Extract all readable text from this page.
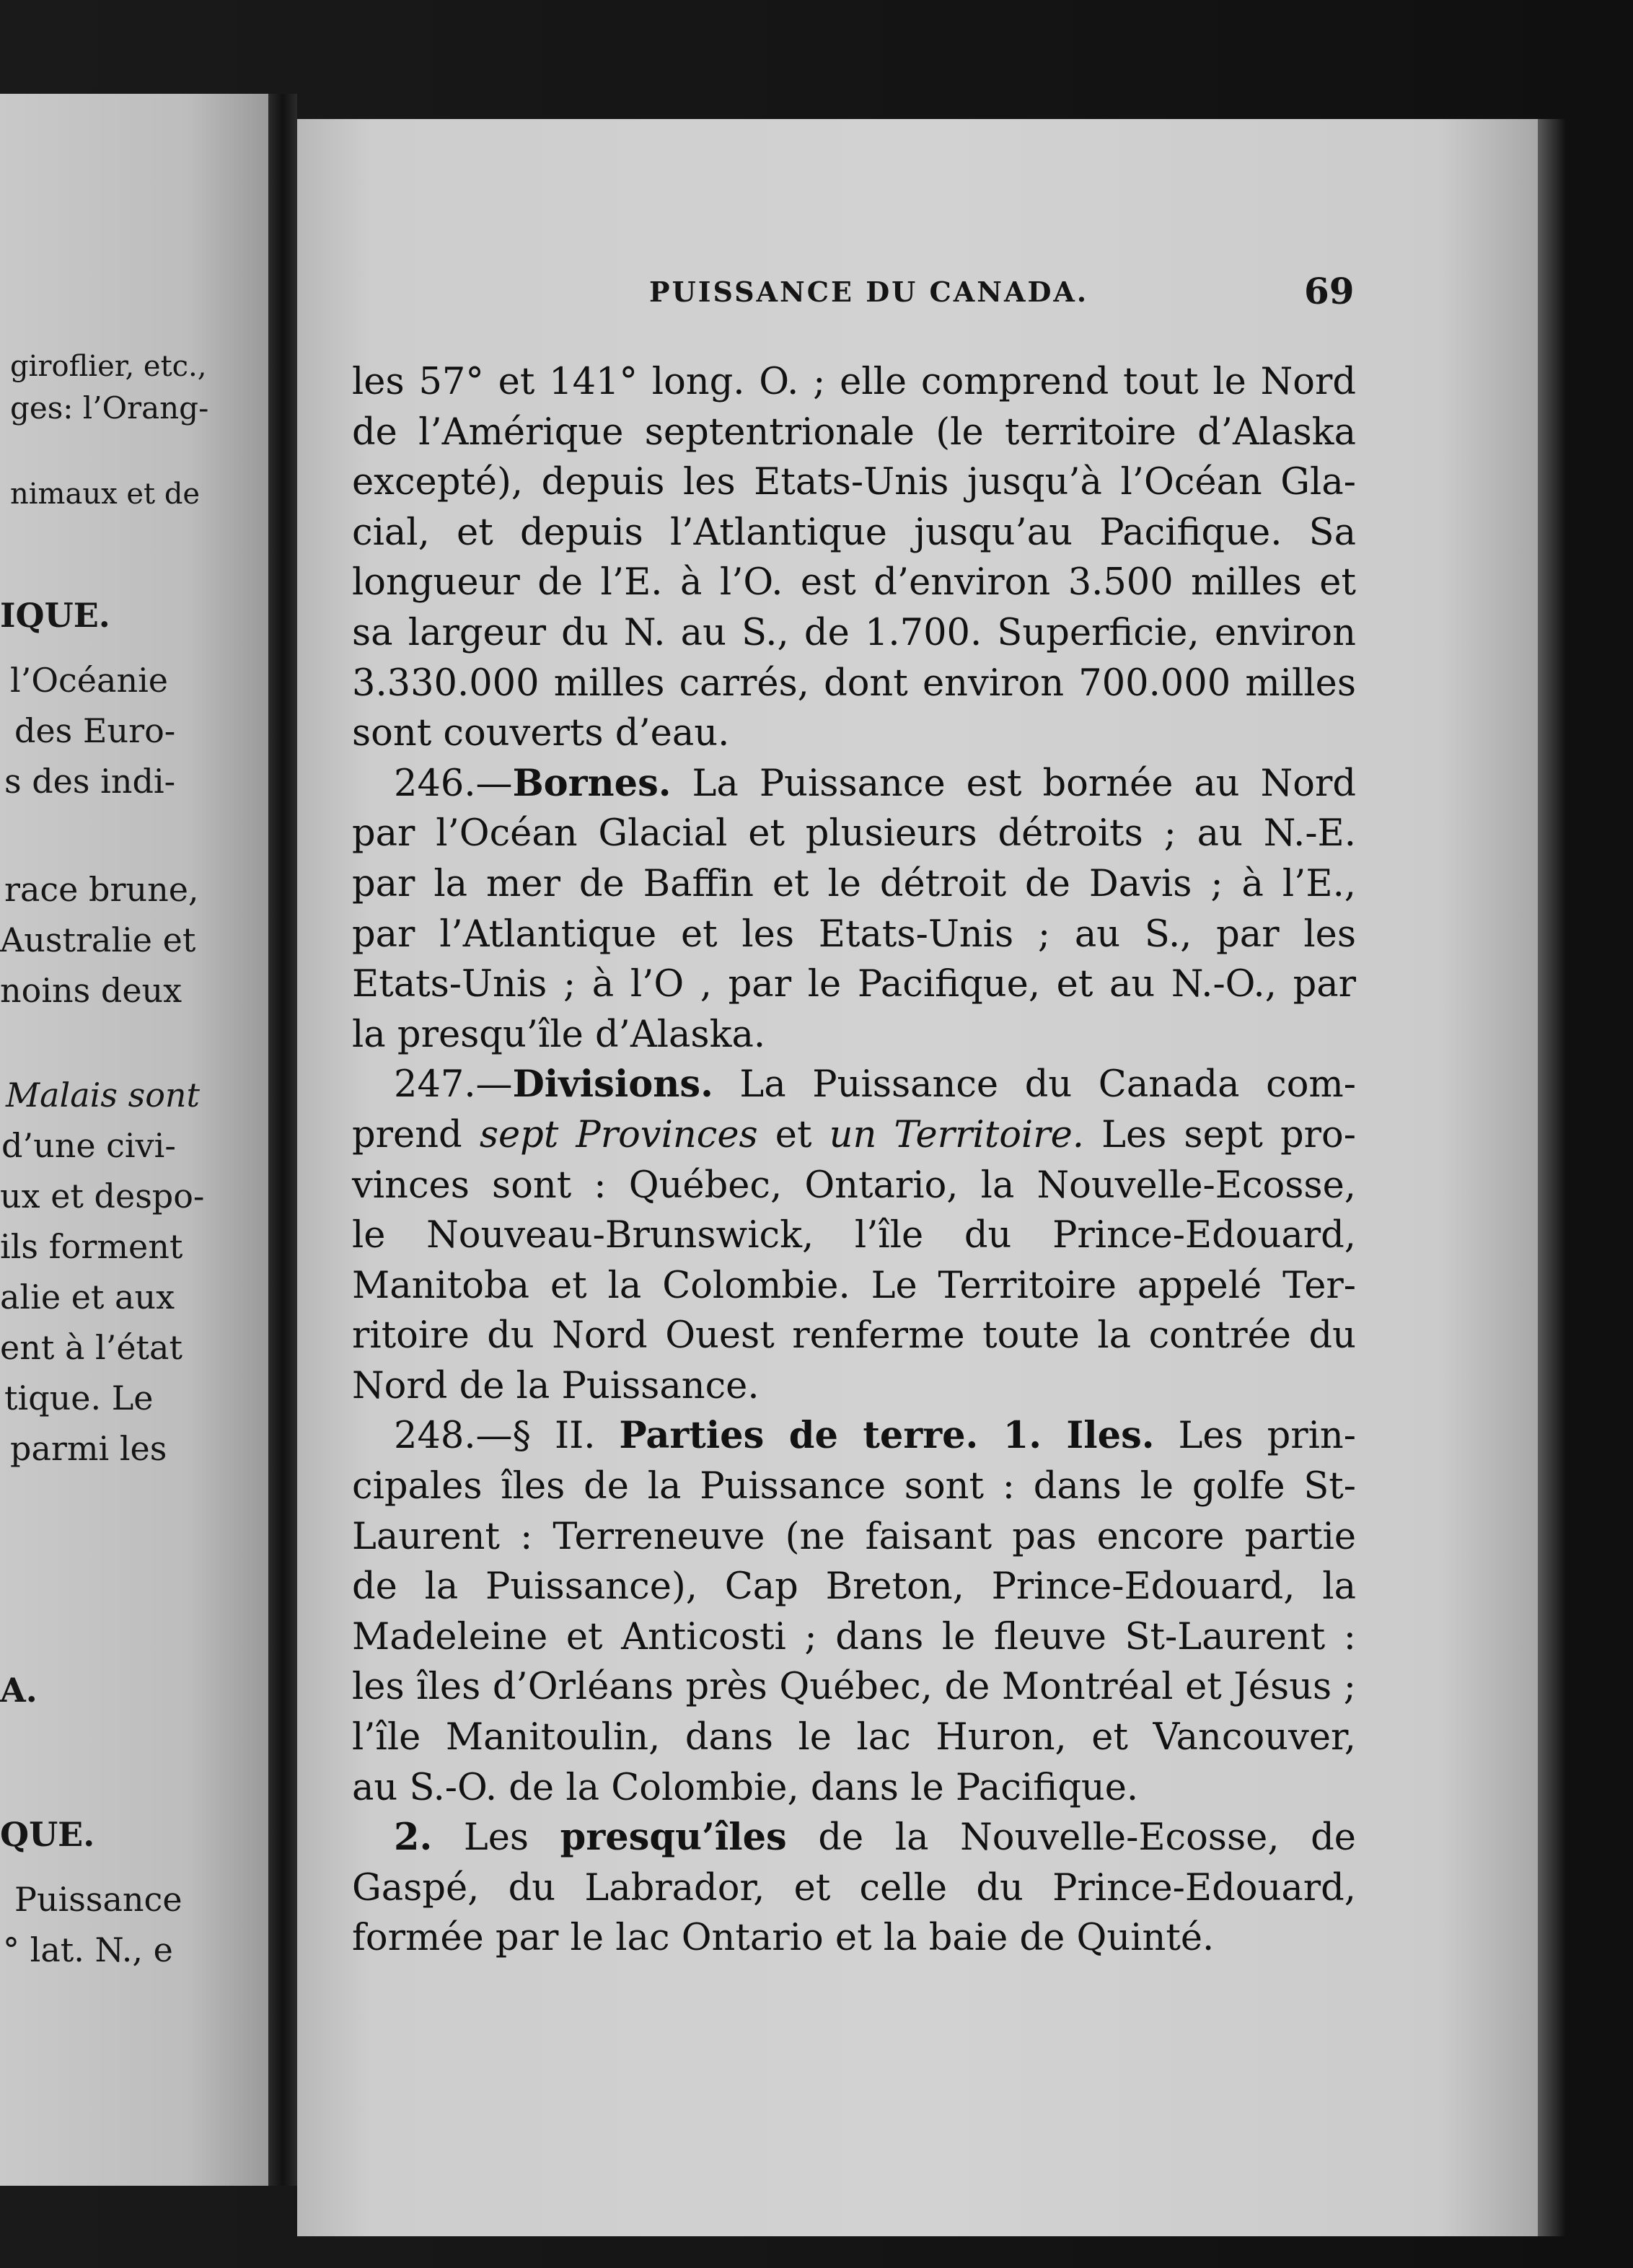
giroflier, etc.,
ges: l’Orang-
nimaux et de
IQUE.
l’Océanie
des Euro-
s des indi-
race brune,
Australie et
noins deux
Malais sont
d’une civi-
ux et despo-
ils forment
alie et aux
ent à l’état
tique. Le
parmi les
A.
QUE.
Puissance
° lat. N., e
PUISSANCE DU CANADA.	69
les 57° et 141° long. O. ; elle comprend tout le Nord
de l’Amérique septentrionale (le territoire d’Alaska
excepté), depuis les Etats-Unis jusqu’à l’Océan Gla-
cial, et depuis l’Atlantique jusqu’au Pacifique. Sa
longueur de l’E. à l’O. est d’environ 3.500 milles et
sa largeur du N. au S., de 1.700. Superficie, environ
3.330.000 milles carrés, dont environ 700.000 milles
sont couverts d’eau.
246.—Bornes. La Puissance est bornée au Nord
par l’Océan Glacial et plusieurs détroits ; au N.-E.
par la mer de Baffin et le détroit de Davis ; à l’E.,
par l’Atlantique et les Etats-Unis ; au S., par les
Etats-Unis ; à l’O , par le Pacifique, et au N.-O., par
la presqu’île d’Alaska.
247.—Divisions. La Puissance du Canada com-
prend sept Provinces et un Territoire. Les sept pro-
vinces sont : Québec, Ontario, la Nouvelle-Ecosse,
le Nouveau-Brunswick, l’île du Prince-Edouard,
Manitoba et la Colombie. Le Territoire appelé Ter-
ritoire du Nord Ouest renferme toute la contrée du
Nord de la Puissance.
248.—§ II. Parties de terre. 1. Iles. Les prin-
cipales îles de la Puissance sont : dans le golfe St-
Laurent : Terreneuve (ne faisant pas encore partie
de la Puissance), Cap Breton, Prince-Edouard, la
Madeleine et Anticosti ; dans le fleuve St-Laurent :
les îles d’Orléans près Québec, de Montréal et Jésus ;
l’île Manitoulin, dans le lac Huron, et Vancouver,
au S.-O. de la Colombie, dans le Pacifique.
2. Les presqu’îles de la Nouvelle-Ecosse, de
Gaspé, du Labrador, et celle du Prince-Edouard,
formée par le lac Ontario et la baie de Quinté.
